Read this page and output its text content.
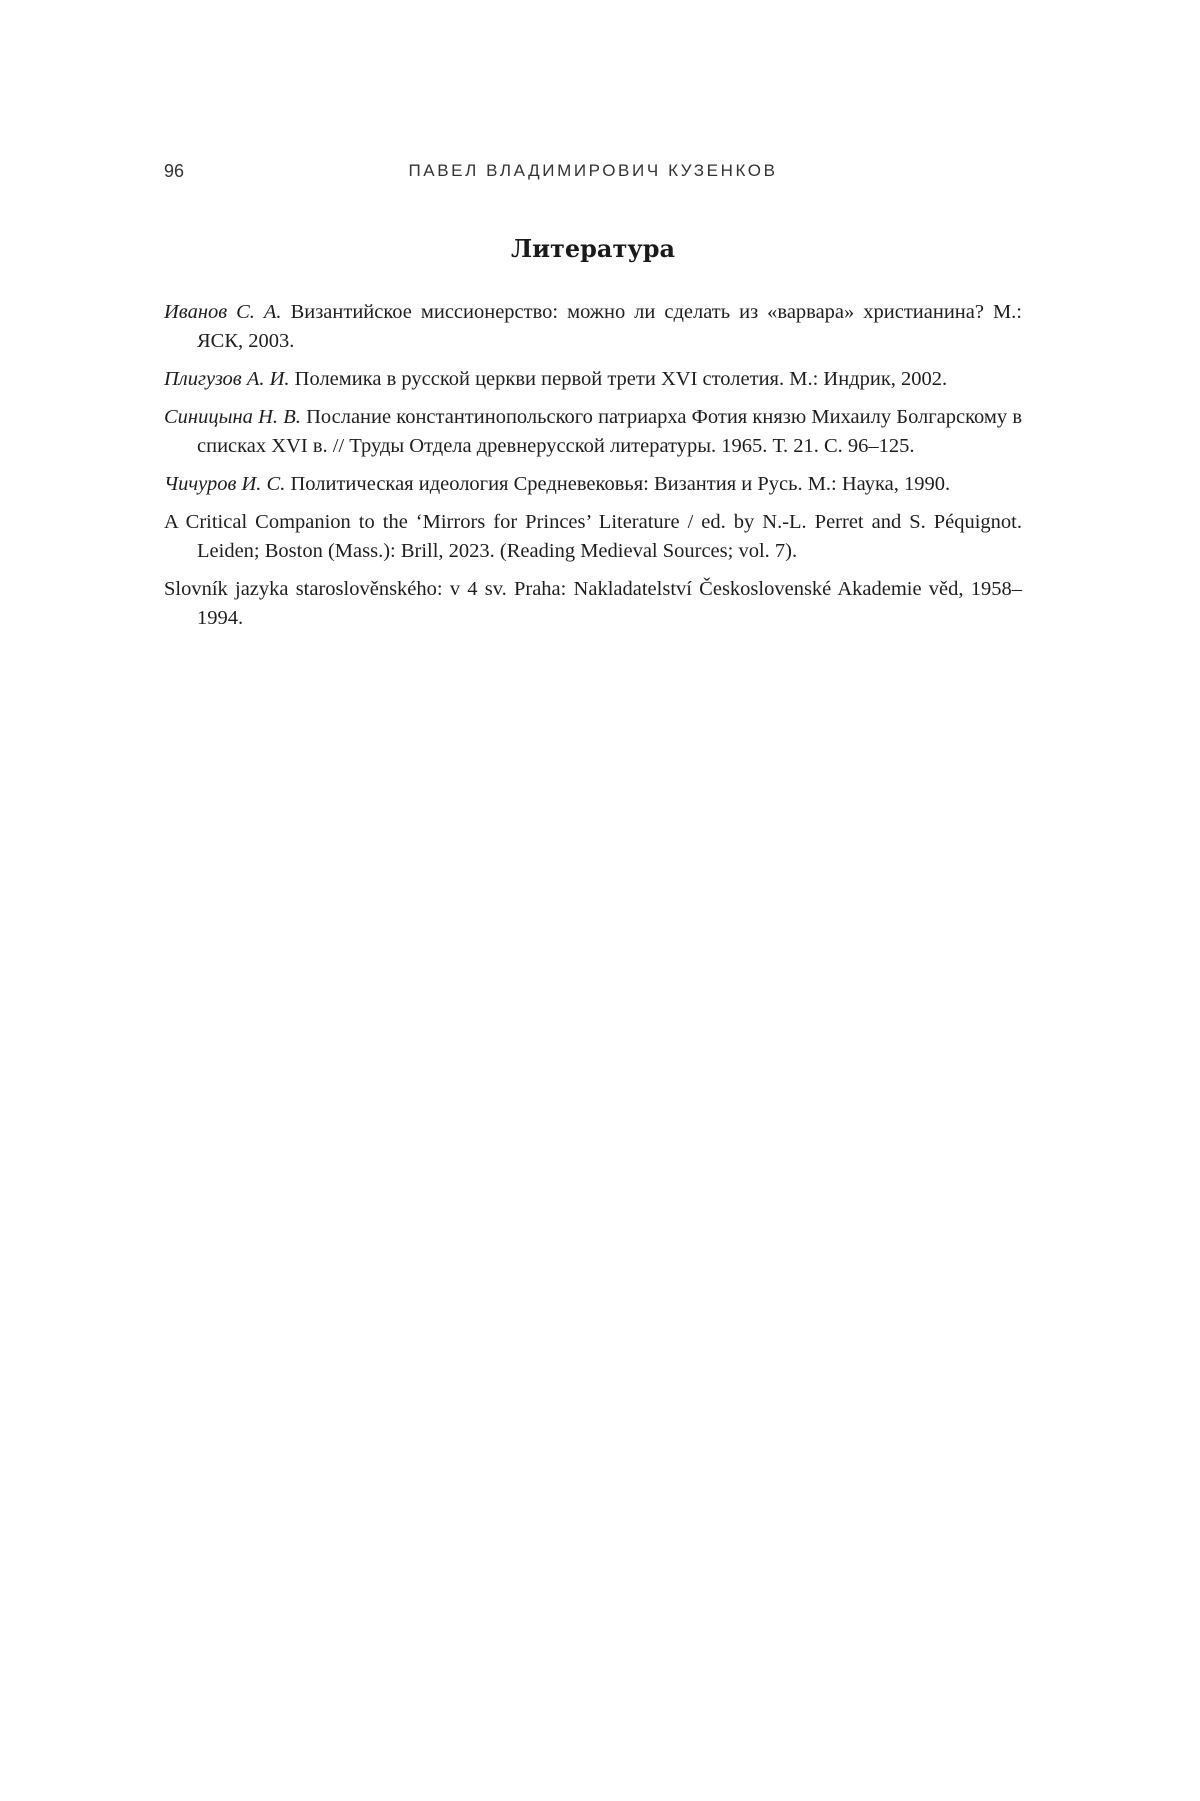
96	ПАВЕЛ ВЛАДИМИРОВИЧ КУЗЕНКОВ
Литература
Иванов С. А. Византийское миссионерство: можно ли сделать из «варвара» христианина? М.: ЯСК, 2003.
Плигузов А. И. Полемика в русской церкви первой трети XVI столетия. М.: Индрик, 2002.
Синицына Н. В. Послание константинопольского патриарха Фотия князю Михаилу Болгарскому в списках XVI в. // Труды Отдела древнерусской литературы. 1965. Т. 21. С. 96–125.
Чичуров И. С. Политическая идеология Средневековья: Византия и Русь. М.: Наука, 1990.
A Critical Companion to the ‘Mirrors for Princes’ Literature / ed. by N.-L. Perret and S. Péquignot. Leiden; Boston (Mass.): Brill, 2023. (Reading Medieval Sources; vol. 7).
Slovník jazyka staroslověnského: v 4 sv. Praha: Nakladatelství Československé Akademie věd, 1958–1994.
